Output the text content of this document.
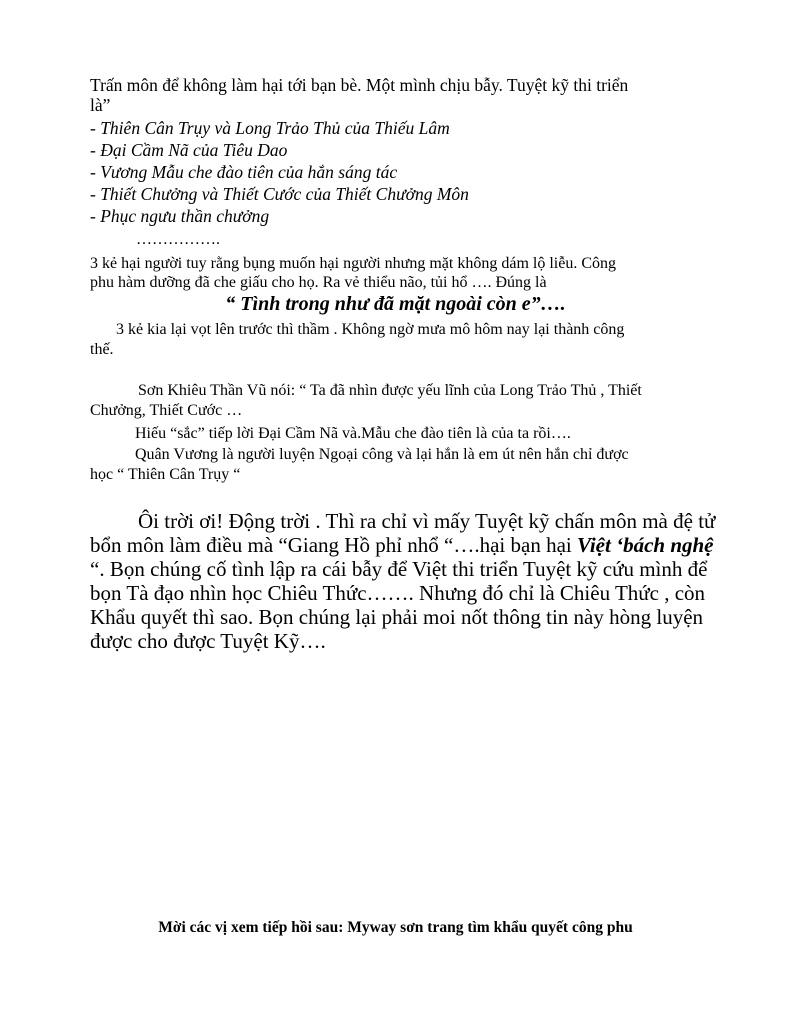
Trấn môn để không làm hại tới bạn bè. Một mình chịu bẫy. Tuyệt kỹ thi triển
là”
- Thiên Cân Trụy và Long Trảo Thủ của Thiếu Lâm
- Đại Cầm Nã của Tiêu Dao
- Vương Mẫu che đào tiên của hắn sáng tác
- Thiết Chưởng và Thiết Cước của Thiết Chưởng Môn
- Phục ngưu thần chưởng
…………….
3 kẻ hại người tuy rằng bụng muốn hại người nhưng mặt không dám lộ liễu. Công
phu hàm dưỡng đã che giấu cho họ. Ra vẻ thiểu não, tủi hổ …. Đúng là
“ Tình trong như đã mặt ngoài còn e”….
3 kẻ kia lại vọt lên trước thì thầm . Không ngờ mưa mô hôm nay lại thành công
thế.
Sơn Khiêu Thần Vũ nói: “ Ta đã nhìn được yếu lĩnh của Long Trảo Thủ , Thiết
Chưởng, Thiết Cước …
Hiếu “sắc” tiếp lời Đại Cầm Nã và.Mẫu che đào tiên là của ta rồi….
Quân Vương là người luyện Ngoại công và lại hắn là em út nên hắn chỉ được
học “ Thiên Cân Trụy “
Ôi trời ơi! Động trời . Thì ra chỉ vì mấy Tuyệt kỹ chấn môn mà đệ tử
bổn môn làm điều mà “Giang Hồ phỉ nhổ “….hại bạn hại Việt ‘bách nghệ
“. Bọn chúng cố tình lập ra cái bẫy để Việt thi triển Tuyệt kỹ cứu mình để
bọn Tà đạo nhìn học Chiêu Thức……. Nhưng đó chỉ là Chiêu Thức , còn
Khẩu quyết thì sao. Bọn chúng lại phải moi nốt thông tin này hòng luyện
được cho được Tuyệt Kỹ….
Mời các vị xem tiếp hồi sau: Myway sơn trang tìm khẩu quyết công phu
